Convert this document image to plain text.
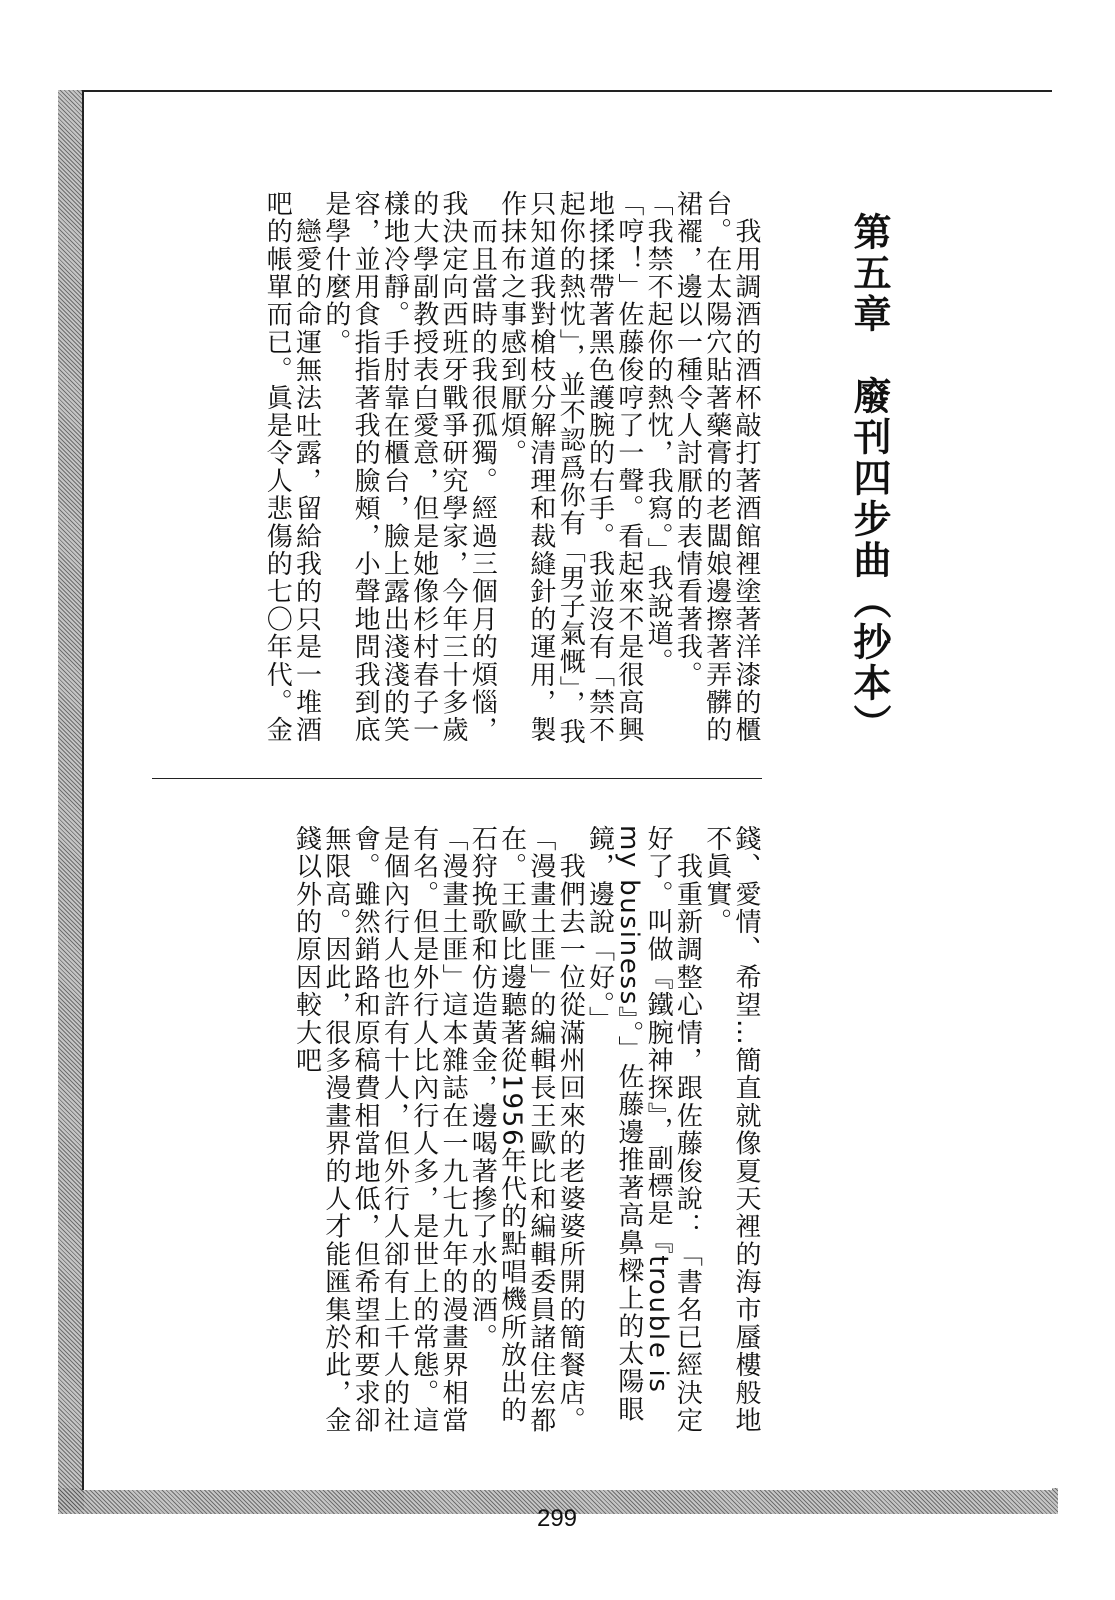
第五章　廢刊四步曲（抄本）

　我用調酒的酒杯敲打著酒館裡塗著洋漆的櫃台。在太陽穴貼著藥膏的老闆娘邊擦著弄髒的裙襬，邊以一種令人討厭的表情看著我。

「我禁不起你的熱忱，我寫。」我說道。

「哼！」佐藤俊哼了一聲。看起來不是很高興地揉揉帶著黑色護腕的右手。我並沒有「禁不起你的熱忱」，並不認爲你有「男子氣慨」，我只知道我對槍枝分解清理和裁縫針的運用，製作抹布之事感到厭煩。

　而且當時的我很孤獨。經過三個月的煩惱，我決定向西班牙戰爭研究學家，今年三十多歲的大學副教授表白愛意，但是她像杉村春子一樣地冷靜。手肘靠在櫃台，臉上露出淺淺的笑容，並用食指指著我的臉頰，小聲地問我到底是學什麼的。

　戀愛的命運無法吐露，留給我的只是一堆酒吧的帳單而已。眞是令人悲傷的七〇年代。金

錢、愛情、希望…簡直就像夏天裡的海市蜃樓般地不眞實。

　我重新調整心情，跟佐藤俊說：「書名已經決定好了。叫做『鐵腕神探』，副標是『trouble is my business』。」佐藤邊推著高鼻樑上的太陽眼鏡，邊說「好。」

　我們去一位從滿州回來的老婆婆所開的簡餐店。「漫畫土匪」的編輯長王歐比和編輯委員諸住宏都在。王歐比邊聽著從1956年代的點唱機所放出的石狩挽歌和仿造黃金，邊喝著摻了水的酒。

「漫畫土匪」這本雜誌在一九七九年的漫畫界相當有名。但是外行人比內行人多，是世上的常態。這是個內行人也許有十人，但外行人卻有上千人的社會。雖然銷路和原稿費相當地低，但希望和要求卻無限高。因此，很多漫畫界的人才能匯集於此，金錢以外的原因較大吧

299
